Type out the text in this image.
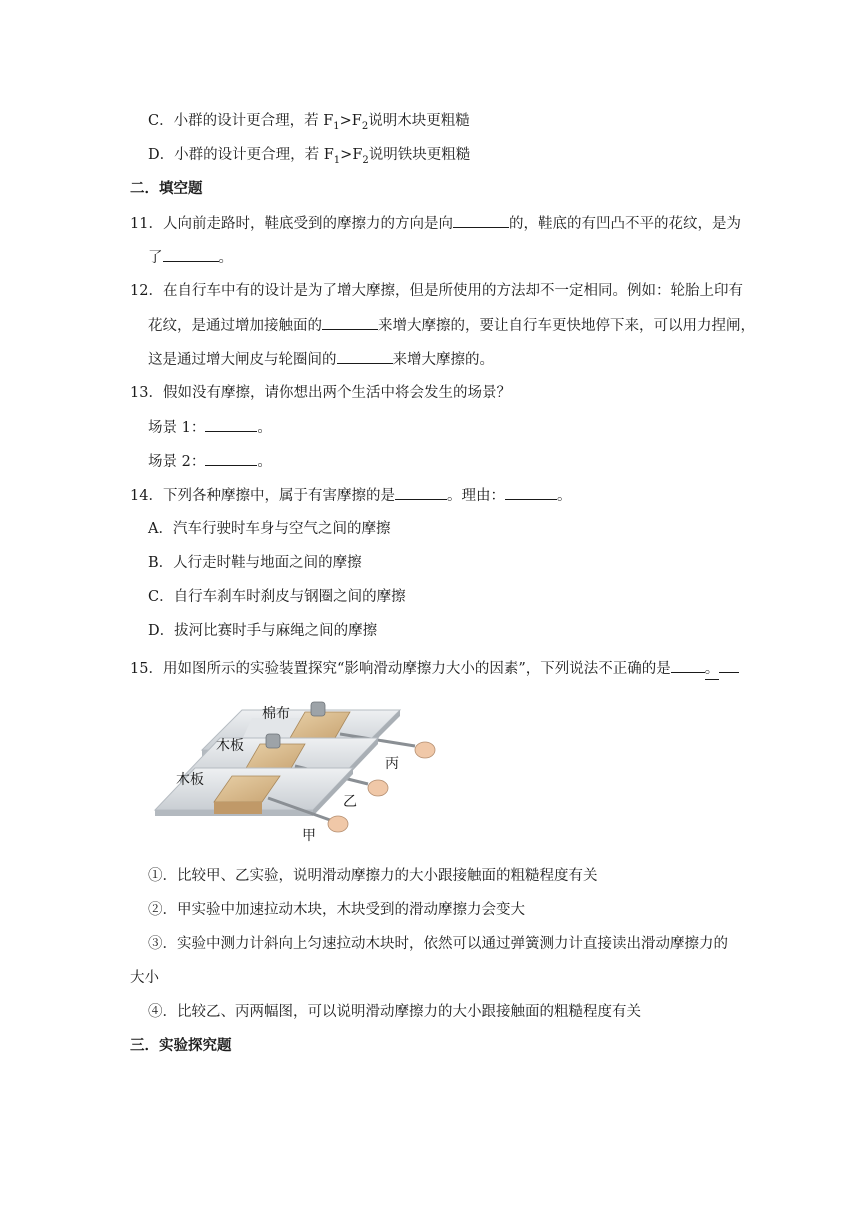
C．小群的设计更合理，若 $F_1>F_2$说明木块更粗糙
D．小群的设计更合理，若 $F_1>F_2$说明铁块更粗糙
二．填空题
11．人向前走路时，鞋底受到的摩擦力的方向是向	的，鞋底的有凹凸不平的花纹，是为
了	。
12．在自行车中有的设计是为了增大摩擦，但是所使用的方法却不一定相同。例如：轮胎上印有
花纹，是通过增加接触面的	来增大摩擦的，要让自行车更快地停下来，可以用力捏闸，
这是通过增大闸皮与轮圈间的	来增大摩擦的。
13．假如没有摩擦，请你想出两个生活中将会发生的场景？
场景 1：	。
场景 2：	。
14．下列各种摩擦中，属于有害摩擦的是	。理由：	。
A．汽车行驶时车身与空气之间的摩擦
B．人行走时鞋与地面之间的摩擦
C．自行车刹车时刹皮与钢圈之间的摩擦
D．拔河比赛时手与麻绳之间的摩擦
15．用如图所示的实验装置探究“影响滑动摩擦力大小的因素”，下列说法不正确的是 。
棉布
木板
木板
丙
乙
甲
①．比较甲、乙实验，说明滑动摩擦力的大小跟接触面的粗糙程度有关
②．甲实验中加速拉动木块，木块受到的滑动摩擦力会变大
③．实验中测力计斜向上匀速拉动木块时，依然可以通过弹簧测力计直接读出滑动摩擦力的
大小
④．比较乙、丙两幅图，可以说明滑动摩擦力的大小跟接触面的粗糙程度有关
三．实验探究题
